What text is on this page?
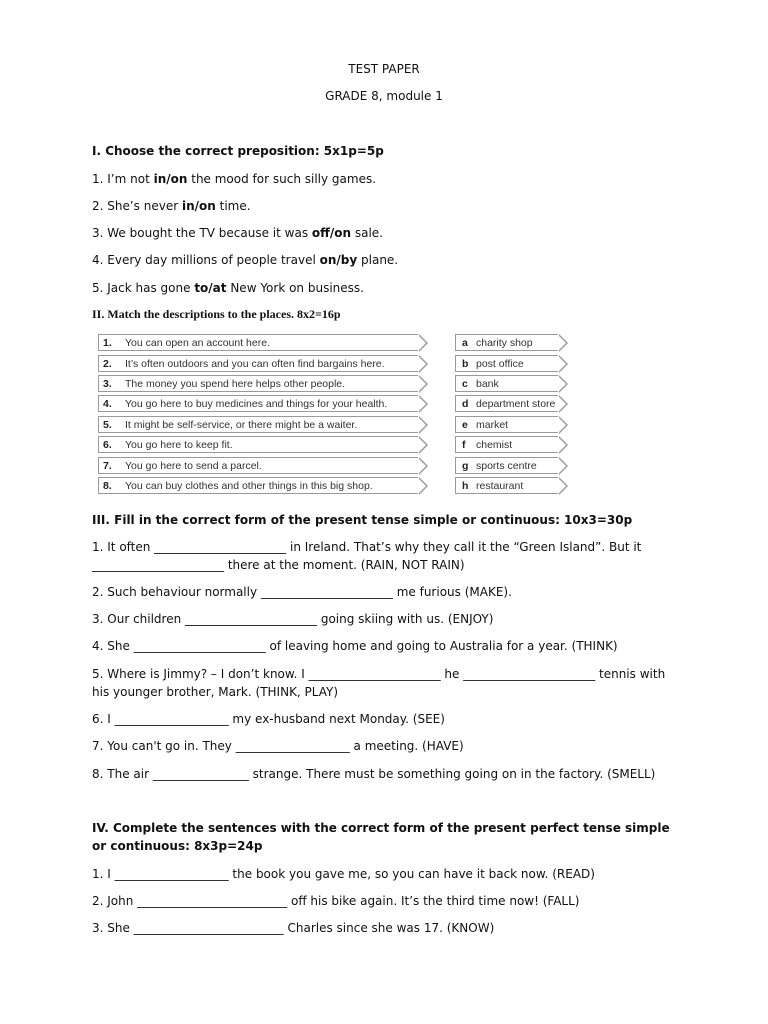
TEST PAPER
GRADE 8, module 1
I. Choose the correct preposition: 5x1p=5p
1. I’m not in/on the mood for such silly games.
2. She’s never in/on time.
3. We bought the TV because it was off/on sale.
4. Every day millions of people travel on/by plane.
5. Jack has gone to/at New York on business.
II. Match the descriptions to the places. 8x2=16p
1. You can open an account here.
2. It’s often outdoors and you can often find bargains here.
3. The money you spend here helps other people.
4. You go here to buy medicines and things for your health.
5. It might be self-service, or there might be a waiter.
6. You go here to keep fit.
7. You go here to send a parcel.
8. You can buy clothes and other things in this big shop.
a charity shop
b post office
c bank
d department store
e market
f chemist
g sports centre
h restaurant
III. Fill in the correct form of the present tense simple or continuous: 10x3=30p
1. It often ______________________ in Ireland. That’s why they call it the “Green Island”. But it ______________________ there at the moment. (RAIN, NOT RAIN)
2. Such behaviour normally ______________________ me furious (MAKE).
3. Our children ______________________ going skiing with us. (ENJOY)
4. She ______________________ of leaving home and going to Australia for a year. (THINK)
5. Where is Jimmy? – I don’t know. I ______________________ he ______________________ tennis with his younger brother, Mark. (THINK, PLAY)
6. I ___________________ my ex-husband next Monday. (SEE)
7. You can't go in. They ___________________ a meeting. (HAVE)
8. The air ________________ strange. There must be something going on in the factory. (SMELL)
IV. Complete the sentences with the correct form of the present perfect tense simple or continuous: 8x3p=24p
1. I ___________________ the book you gave me, so you can have it back now. (READ)
2. John _________________________ off his bike again. It’s the third time now! (FALL)
3. She _________________________ Charles since she was 17. (KNOW)
